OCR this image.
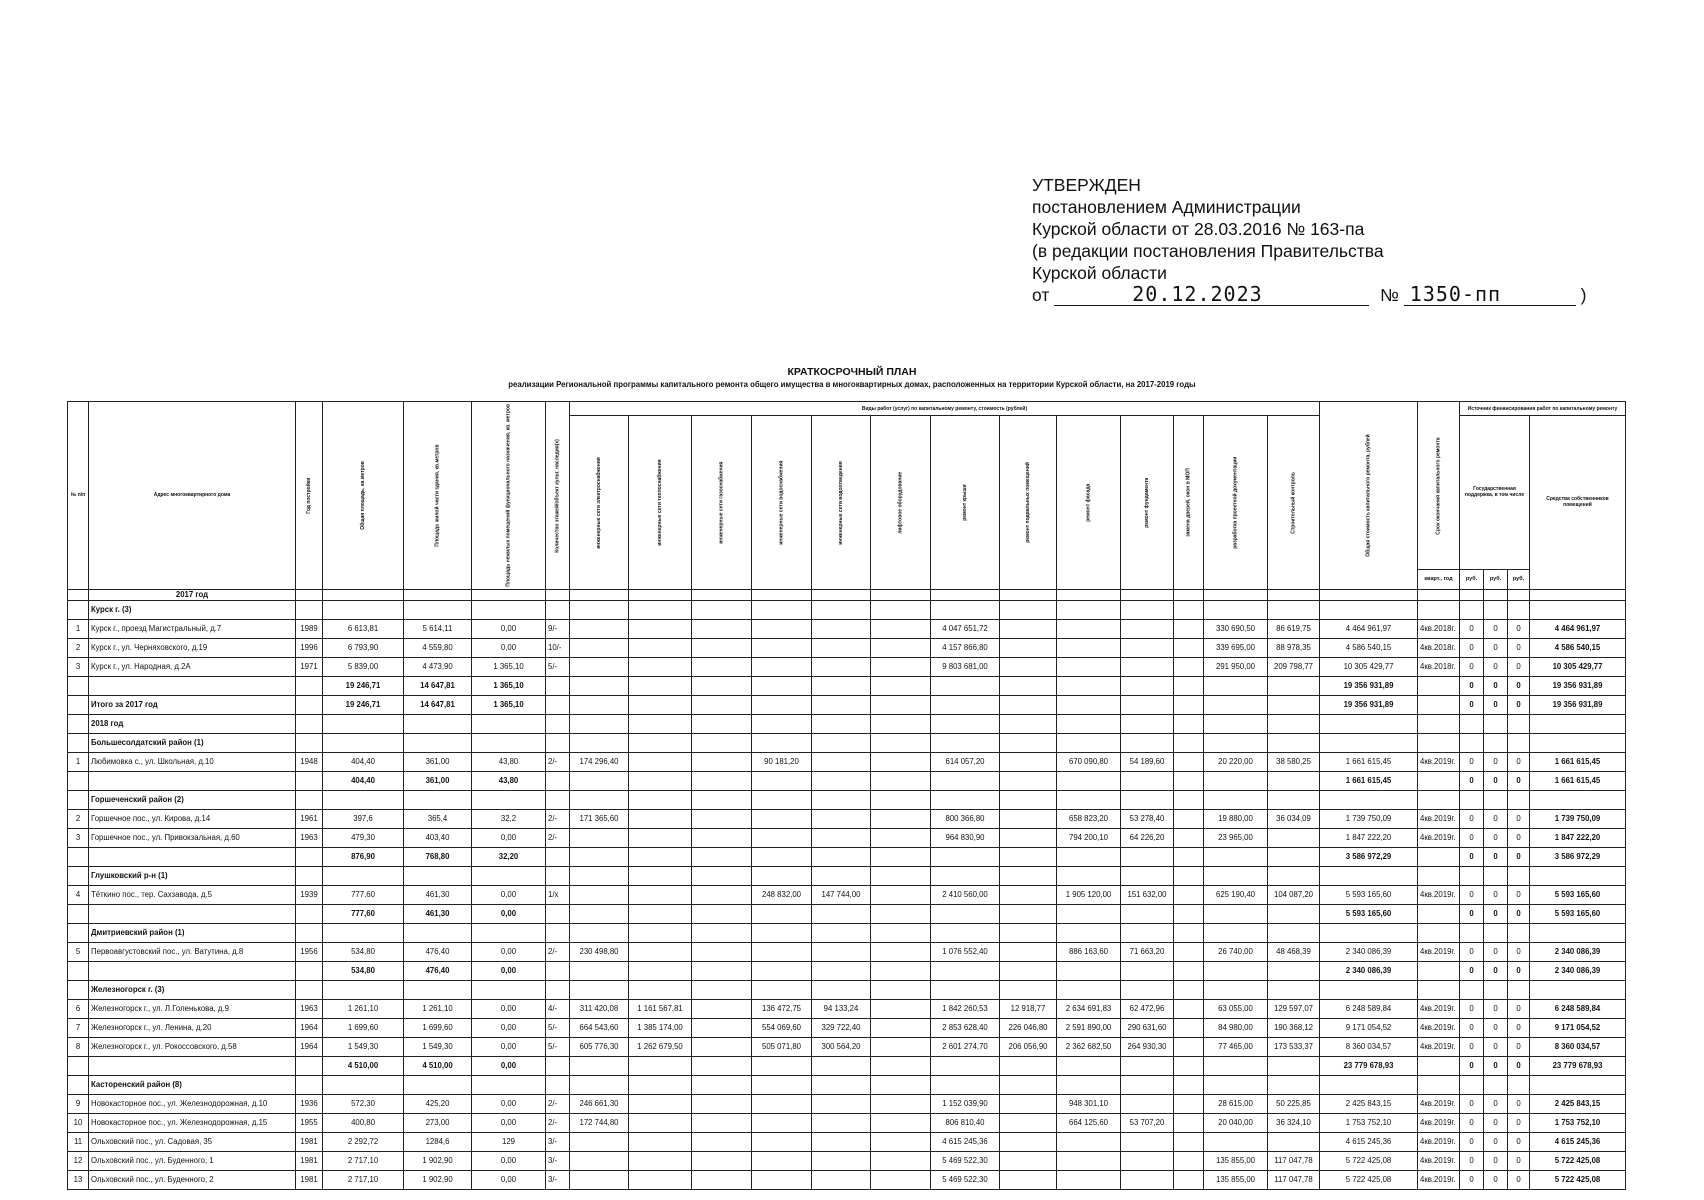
УТВЕРЖДЕН
постановлением Администрации
Курской области от 28.03.2016 № 163-па
(в редакции постановления Правительства
Курской области
от	20.12.2023	№ 1350-пп	)
КРАТКОСРОЧНЫЙ ПЛАН
реализации Региональной программы капитального ремонта общего имущества в многоквартирных домах, расположенных на территории Курской области, на 2017-2019 годы
№ п/п	Адрес многоквартирного дома	Год постройки	Общая площадь, кв.метров	Площадь жилой части здания, кв.метров	Площадь нежилых помещений функционального назначения, кв. метров	Количество этажей/объект культ. наследия(x)	Виды работ (услуг) по капитальному ремонту, стоимость (рублей)													Общая стоимость капитального ремонта, рублей	Срок окончания капитального ремонта	Источник финансирования работ по капитальному ремонту			
							инженерные сети электроснабжения	инженерные сети теплоснабжения	инженерные сети газоснабжения	инженерные сети водоснабжения	инженерные сети водоотведения	лифтовое оборудование	ремонт крыши	ремонт подвальных помещений	ремонт фасада	ремонт фундамента	замена дверей, окон в МОП	разработка проектной документации	Строительный контроль			Государственная поддержка, в том числе			Средства собственников помещений
																					кварт., год	руб.	руб.	руб.	
	2017 год																								
	Курск г. (3)																								
1	Курск г., проезд Магистральный, д.7	1989	6 613,81	5 614,11	0,00	9/-							4 047 651,72					330 690,50	86 619,75	4 464 961,97	4кв.2018г.	0	0	0	4 464 961,97
2	Курск г., ул. Черняховского, д.19	1996	6 793,90	4 559,80	0,00	10/-							4 157 866,80					339 695,00	88 978,35	4 586 540,15	4кв.2018г.	0	0	0	4 586 540,15
3	Курск г., ул. Народная, д.2А	1971	5 839,00	4 473,90	1 365,10	5/-							9 803 681,00					291 950,00	209 798,77	10 305 429,77	4кв.2018г.	0	0	0	10 305 429,77
			19 246,71	14 647,81	1 365,10															19 356 931,89		0	0	0	19 356 931,89
	Итого за 2017 год		19 246,71	14 647,81	1 365,10															19 356 931,89		0	0	0	19 356 931,89
	2018 год																								
	Большесолдатский район (1)																								
1	Любимовка с., ул. Школьная, д.10	1948	404,40	361,00	43,80	2/-	174 296,40			90 181,20			614 057,20		670 090,80	54 189,60		20 220,00	38 580,25	1 661 615,45	4кв.2019г.	0	0	0	1 661 615,45
			404,40	361,00	43,80															1 661 615,45		0	0	0	1 661 615,45
	Горшеченский район (2)																								
2	Горшечное пос., ул. Кирова, д.14	1961	397,6	365,4	32,2	2/-	171 365,60						800 366,80		658 823,20	53 278,40		19 880,00	36 034,09	1 739 750,09	4кв.2019г.	0	0	0	1 739 750,09
3	Горшечное пос., ул. Привокзальная, д.60	1963	479,30	403,40	0,00	2/-							964 830,90		794 200,10	64 226,20		23 965,00		1 847 222,20	4кв.2019г.	0	0	0	1 847 222,20
			876,90	768,80	32,20															3 586 972,29		0	0	0	3 586 972,29
	Глушковский р-н (1)																								
4	Тёткино пос., тер. Сахзавода, д.5	1939	777,60	461,30	0,00	1/x				248 832,00	147 744,00		2 410 560,00		1 905 120,00	151 632,00		625 190,40	104 087,20	5 593 165,60	4кв.2019г.	0	0	0	5 593 165,60
			777,60	461,30	0,00															5 593 165,60		0	0	0	5 593 165,60
	Дмитриевский район (1)																								
5	Первоавгустовский пос., ул. Ватутина, д.8	1956	534,80	476,40	0,00	2/-	230 498,80						1 076 552,40		886 163,60	71 663,20		26 740,00	48 468,39	2 340 086,39	4кв.2019г.	0	0	0	2 340 086,39
			534,80	476,40	0,00															2 340 086,39		0	0	0	2 340 086,39
	Железногорск г. (3)																								
6	Железногорск г., ул. Л.Голенькова, д.9	1963	1 261,10	1 261,10	0,00	4/-	311 420,08	1 161 567,81		136 472,75	94 133,24		1 842 260,53	12 918,77	2 634 691,83	62 472,96		63 055,00	129 597,07	6 248 589,84	4кв.2019г.	0	0	0	6 248 589,84
7	Железногорск г., ул. Ленина, д.20	1964	1 699,60	1 699,60	0,00	5/-	664 543,60	1 385 174,00		554 069,60	329 722,40		2 853 628,40	226 046,80	2 591 890,00	290 631,60		84 980,00	190 368,12	9 171 054,52	4кв.2019г.	0	0	0	9 171 054,52
8	Железногорск г., ул. Рокоссовского, д.58	1964	1 549,30	1 549,30	0,00	5/-	605 776,30	1 262 679,50		505 071,80	300 564,20		2 601 274,70	206 056,90	2 362 682,50	264 930,30		77 465,00	173 533,37	8 360 034,57	4кв.2019г.	0	0	0	8 360 034,57
			4 510,00	4 510,00	0,00															23 779 678,93		0	0	0	23 779 678,93
	Касторенский район (8)																								
9	Новокасторное пос., ул. Железнодорожная, д.10	1936	572,30	425,20	0,00	2/-	246 661,30						1 152 039,90		948 301,10			28 615,00	50 225,85	2 425 843,15	4кв.2019г.	0	0	0	2 425 843,15
10	Новокасторное пос., ул. Железнодорожная, д.15	1955	400,80	273,00	0,00	2/-	172 744,80						806 810,40		664 125,60	53 707,20		20 040,00	36 324,10	1 753 752,10	4кв.2019г.	0	0	0	1 753 752,10
11	Ольховский пос., ул. Садовая, 35	1981	2 292,72	1284,6	129	3/-							4 615 245,36							4 615 245,36	4кв.2019г.	0	0	0	4 615 245,36
12	Ольховский пос., ул. Буденного, 1	1981	2 717,10	1 902,90	0,00	3/-							5 469 522,30					135 855,00	117 047,78	5 722 425,08	4кв.2019г.	0	0	0	5 722 425,08
13	Ольховский пос., ул. Буденного, 2	1981	2 717,10	1 902,90	0,00	3/-							5 469 522,30					135 855,00	117 047,78	5 722 425,08	4кв.2019г.	0	0	0	5 722 425,08
